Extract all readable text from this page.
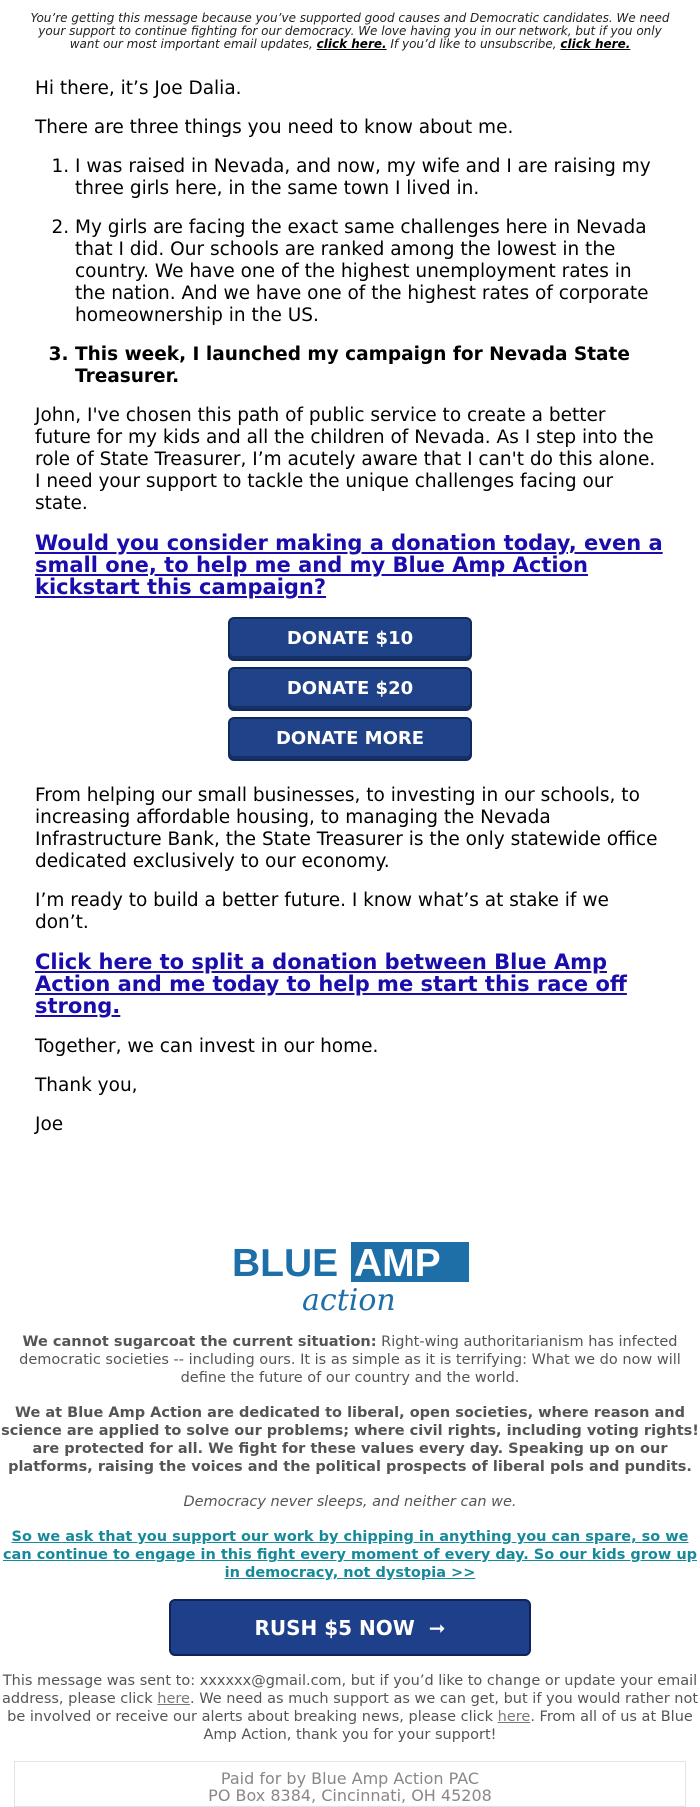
You’re getting this message because you’ve supported good causes and Democratic candidates. We need your support to continue fighting for our democracy. We love having you in our network, but if you only want our most important email updates, click here. If you’d like to unsubscribe, click here.

Hi there, it’s Joe Dalia.

There are three things you need to know about me.

1. I was raised in Nevada, and now, my wife and I are raising my three girls here, in the same town I lived in.
2. My girls are facing the exact same challenges here in Nevada that I did. Our schools are ranked among the lowest in the country. We have one of the highest unemployment rates in the nation. And we have one of the highest rates of corporate homeownership in the US.
3. This week, I launched my campaign for Nevada State Treasurer.

John, I've chosen this path of public service to create a better future for my kids and all the children of Nevada. As I step into the role of State Treasurer, I’m acutely aware that I can't do this alone. I need your support to tackle the unique challenges facing our state.

Would you consider making a donation today, even a small one, to help me and my Blue Amp Action kickstart this campaign?
DONATE $10
DONATE $20
DONATE MORE

From helping our small businesses, to investing in our schools, to increasing affordable housing, to managing the Nevada Infrastructure Bank, the State Treasurer is the only statewide office dedicated exclusively to our economy.

I’m ready to build a better future. I know what’s at stake if we don’t.

Click here to split a donation between Blue Amp Action and me today to help me start this race off strong.

Together, we can invest in our home.

Thank you,

Joe

BLUE AMP
action

We cannot sugarcoat the current situation: Right-wing authoritarianism has infected democratic societies -- including ours. It is as simple as it is terrifying: What we do now will define the future of our country and the world.

We at Blue Amp Action are dedicated to liberal, open societies, where reason and science are applied to solve our problems; where civil rights, including voting rights! are protected for all. We fight for these values every day. Speaking up on our platforms, raising the voices and the political prospects of liberal pols and pundits.

Democracy never sleeps, and neither can we.

So we ask that you support our work by chipping in anything you can spare, so we can continue to engage in this fight every moment of every day. So our kids grow up in democracy, not dystopia >>

RUSH $5 NOW
➞

This message was sent to: xxxxxx@gmail.com, but if you’d like to change or update your email address, please click here. We need as much support as we can get, but if you would rather not be involved or receive our alerts about breaking news, please click here. From all of us at Blue Amp Action, thank you for your support!

Paid for by Blue Amp Action PAC
PO Box 8384, Cincinnati, OH 45208
